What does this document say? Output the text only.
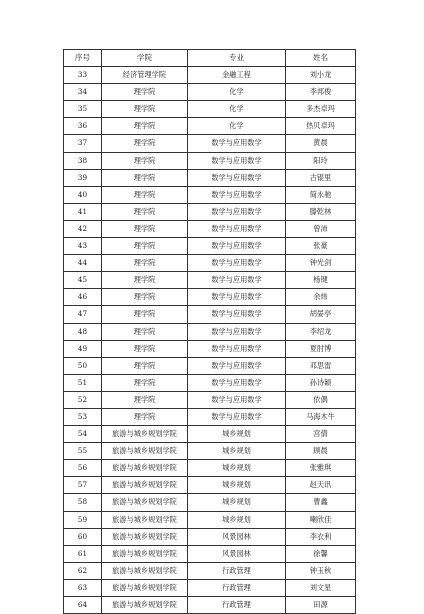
序号	学院	专业	姓名
33	经济管理学院	金融工程	刘小龙
34	理学院	化学	李邦俊
35	理学院	化学	多杰卓玛
36	理学院	化学	热贝卓玛
37	理学院	数学与应用数学	黄晨
38	理学院	数学与应用数学	阳玲
39	理学院	数学与应用数学	古锟里
40	理学院	数学与应用数学	简永驰
41	理学院	数学与应用数学	滕乾林
42	理学院	数学与应用数学	曾沛
43	理学院	数学与应用数学	张豪
44	理学院	数学与应用数学	钟光剑
45	理学院	数学与应用数学	杨键
46	理学院	数学与应用数学	余炜
47	理学院	数学与应用数学	胡晏亭
48	理学院	数学与应用数学	李绍龙
49	理学院	数学与应用数学	夏肘博
50	理学院	数学与应用数学	邓思雷
51	理学院	数学与应用数学	孙诗颖
52	理学院	数学与应用数学	依偶
53	理学院	数学与应用数学	马海木牛
54	旅游与城乡规划学院	城乡规划	宫倩
55	旅游与城乡规划学院	城乡规划	顾晨
56	旅游与城乡规划学院	城乡规划	张雅琪
57	旅游与城乡规划学院	城乡规划	赵天讯
58	旅游与城乡规划学院	城乡规划	曹鑫
59	旅游与城乡规划学院	城乡规划	喇欣佳
60	旅游与城乡规划学院	风景园林	李衣利
61	旅游与城乡规划学院	风景园林	徐馨
62	旅游与城乡规划学院	行政管理	钟玉秋
63	旅游与城乡规划学院	行政管理	刘文星
64	旅游与城乡规划学院	行政管理	田源
